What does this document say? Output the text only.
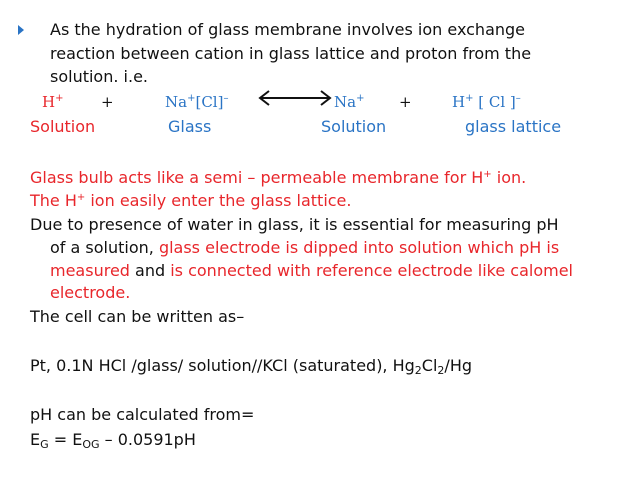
As the hydration of glass membrane involves ion exchange
reaction between cation in glass lattice and proton from the
solution. i.e.
H+	+	Na+[Cl]–	Na+ +	H+ [ Cl ]–
Solution	Glass	Solution	glass lattice
Glass bulb acts like a semi – permeable membrane for H+ ion.
The H+ ion easily enter the glass lattice.
Due to presence of water in glass, it is essential for measuring pH
of a solution, glass electrode is dipped into solution which pH is
measured and is connected with reference electrode like calomel
electrode.
The cell can be written as–
Pt, 0.1N HCl /glass/ solution//KCl (saturated), $Hg_2Cl_2/Hg$
pH can be calculated from=
$E_G = E_{OG} - 0.0591pH$
